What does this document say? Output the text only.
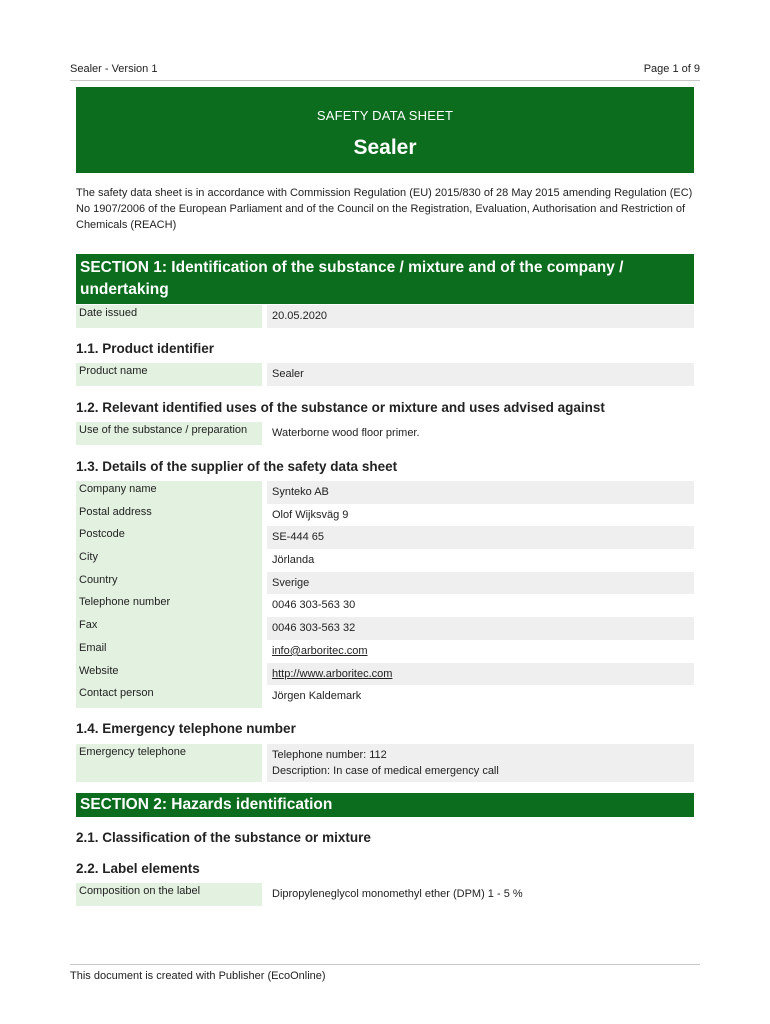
Sealer - Version 1	Page 1 of 9
SAFETY DATA SHEET
Sealer
The safety data sheet is in accordance with Commission Regulation (EU) 2015/830 of 28 May 2015 amending Regulation (EC) No 1907/2006 of the European Parliament and of the Council on the Registration, Evaluation, Authorisation and Restriction of Chemicals (REACH)
SECTION 1: Identification of the substance / mixture and of the company / undertaking
Date issued	20.05.2020
1.1. Product identifier
Product name	Sealer
1.2. Relevant identified uses of the substance or mixture and uses advised against
Use of the substance / preparation	Waterborne wood floor primer.
1.3. Details of the supplier of the safety data sheet
Company name	Synteko AB
Postal address	Olof Wijksväg 9
Postcode	SE-444 65
City	Jörlanda
Country	Sverige
Telephone number	0046 303-563 30
Fax	0046 303-563 32
Email	info@arboritec.com
Website	http://www.arboritec.com
Contact person	Jörgen Kaldemark
1.4. Emergency telephone number
Emergency telephone	Telephone number: 112
Description: In case of medical emergency call
SECTION 2: Hazards identification
2.1. Classification of the substance or mixture
2.2. Label elements
Composition on the label	Dipropyleneglycol monomethyl ether (DPM) 1 - 5 %
This document is created with Publisher (EcoOnline)
